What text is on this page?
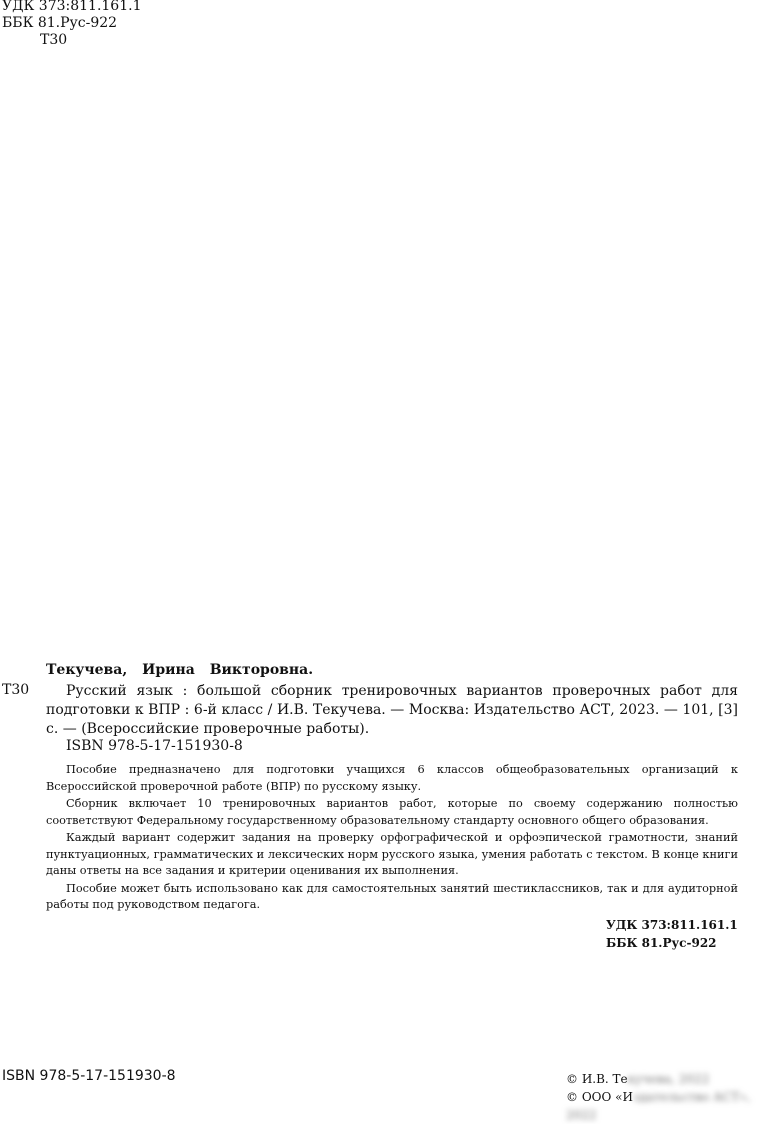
УДК 373:811.161.1
ББК 81.Рус-922
Т30
Текучева, Ирина Викторовна.
Т30	Русский язык : большой сборник тренировочных вариантов проверочных работ для подготовки к ВПР : 6-й класс / И.В. Текучева. — Москва: Издательство АСТ, 2023. — 101, [3] с. — (Всероссийские проверочные работы).
ISBN 978-5-17-151930-8

Пособие предназначено для подготовки учащихся 6 классов общеобразовательных организаций к Всероссийской проверочной работе (ВПР) по русскому языку.

Сборник включает 10 тренировочных вариантов работ, которые по своему содержанию полностью соответствуют Федеральному государственному образовательному стандарту основного общего образования.

Каждый вариант содержит задания на проверку орфографической и орфоэпической грамотности, знаний пунктуационных, грамматических и лексических норм русского языка, умения работать с текстом. В конце книги даны ответы на все задания и критерии оценивания их выполнения.

Пособие может быть использовано как для самостоятельных занятий шестиклассников, так и для аудиторной работы под руководством педагога.

УДК 373:811.161.1
ББК 81.Рус-922
ISBN 978-5-17-151930-8	© И.В. Текучева, 2022
© ООО «Издательство АСТ», 2022
